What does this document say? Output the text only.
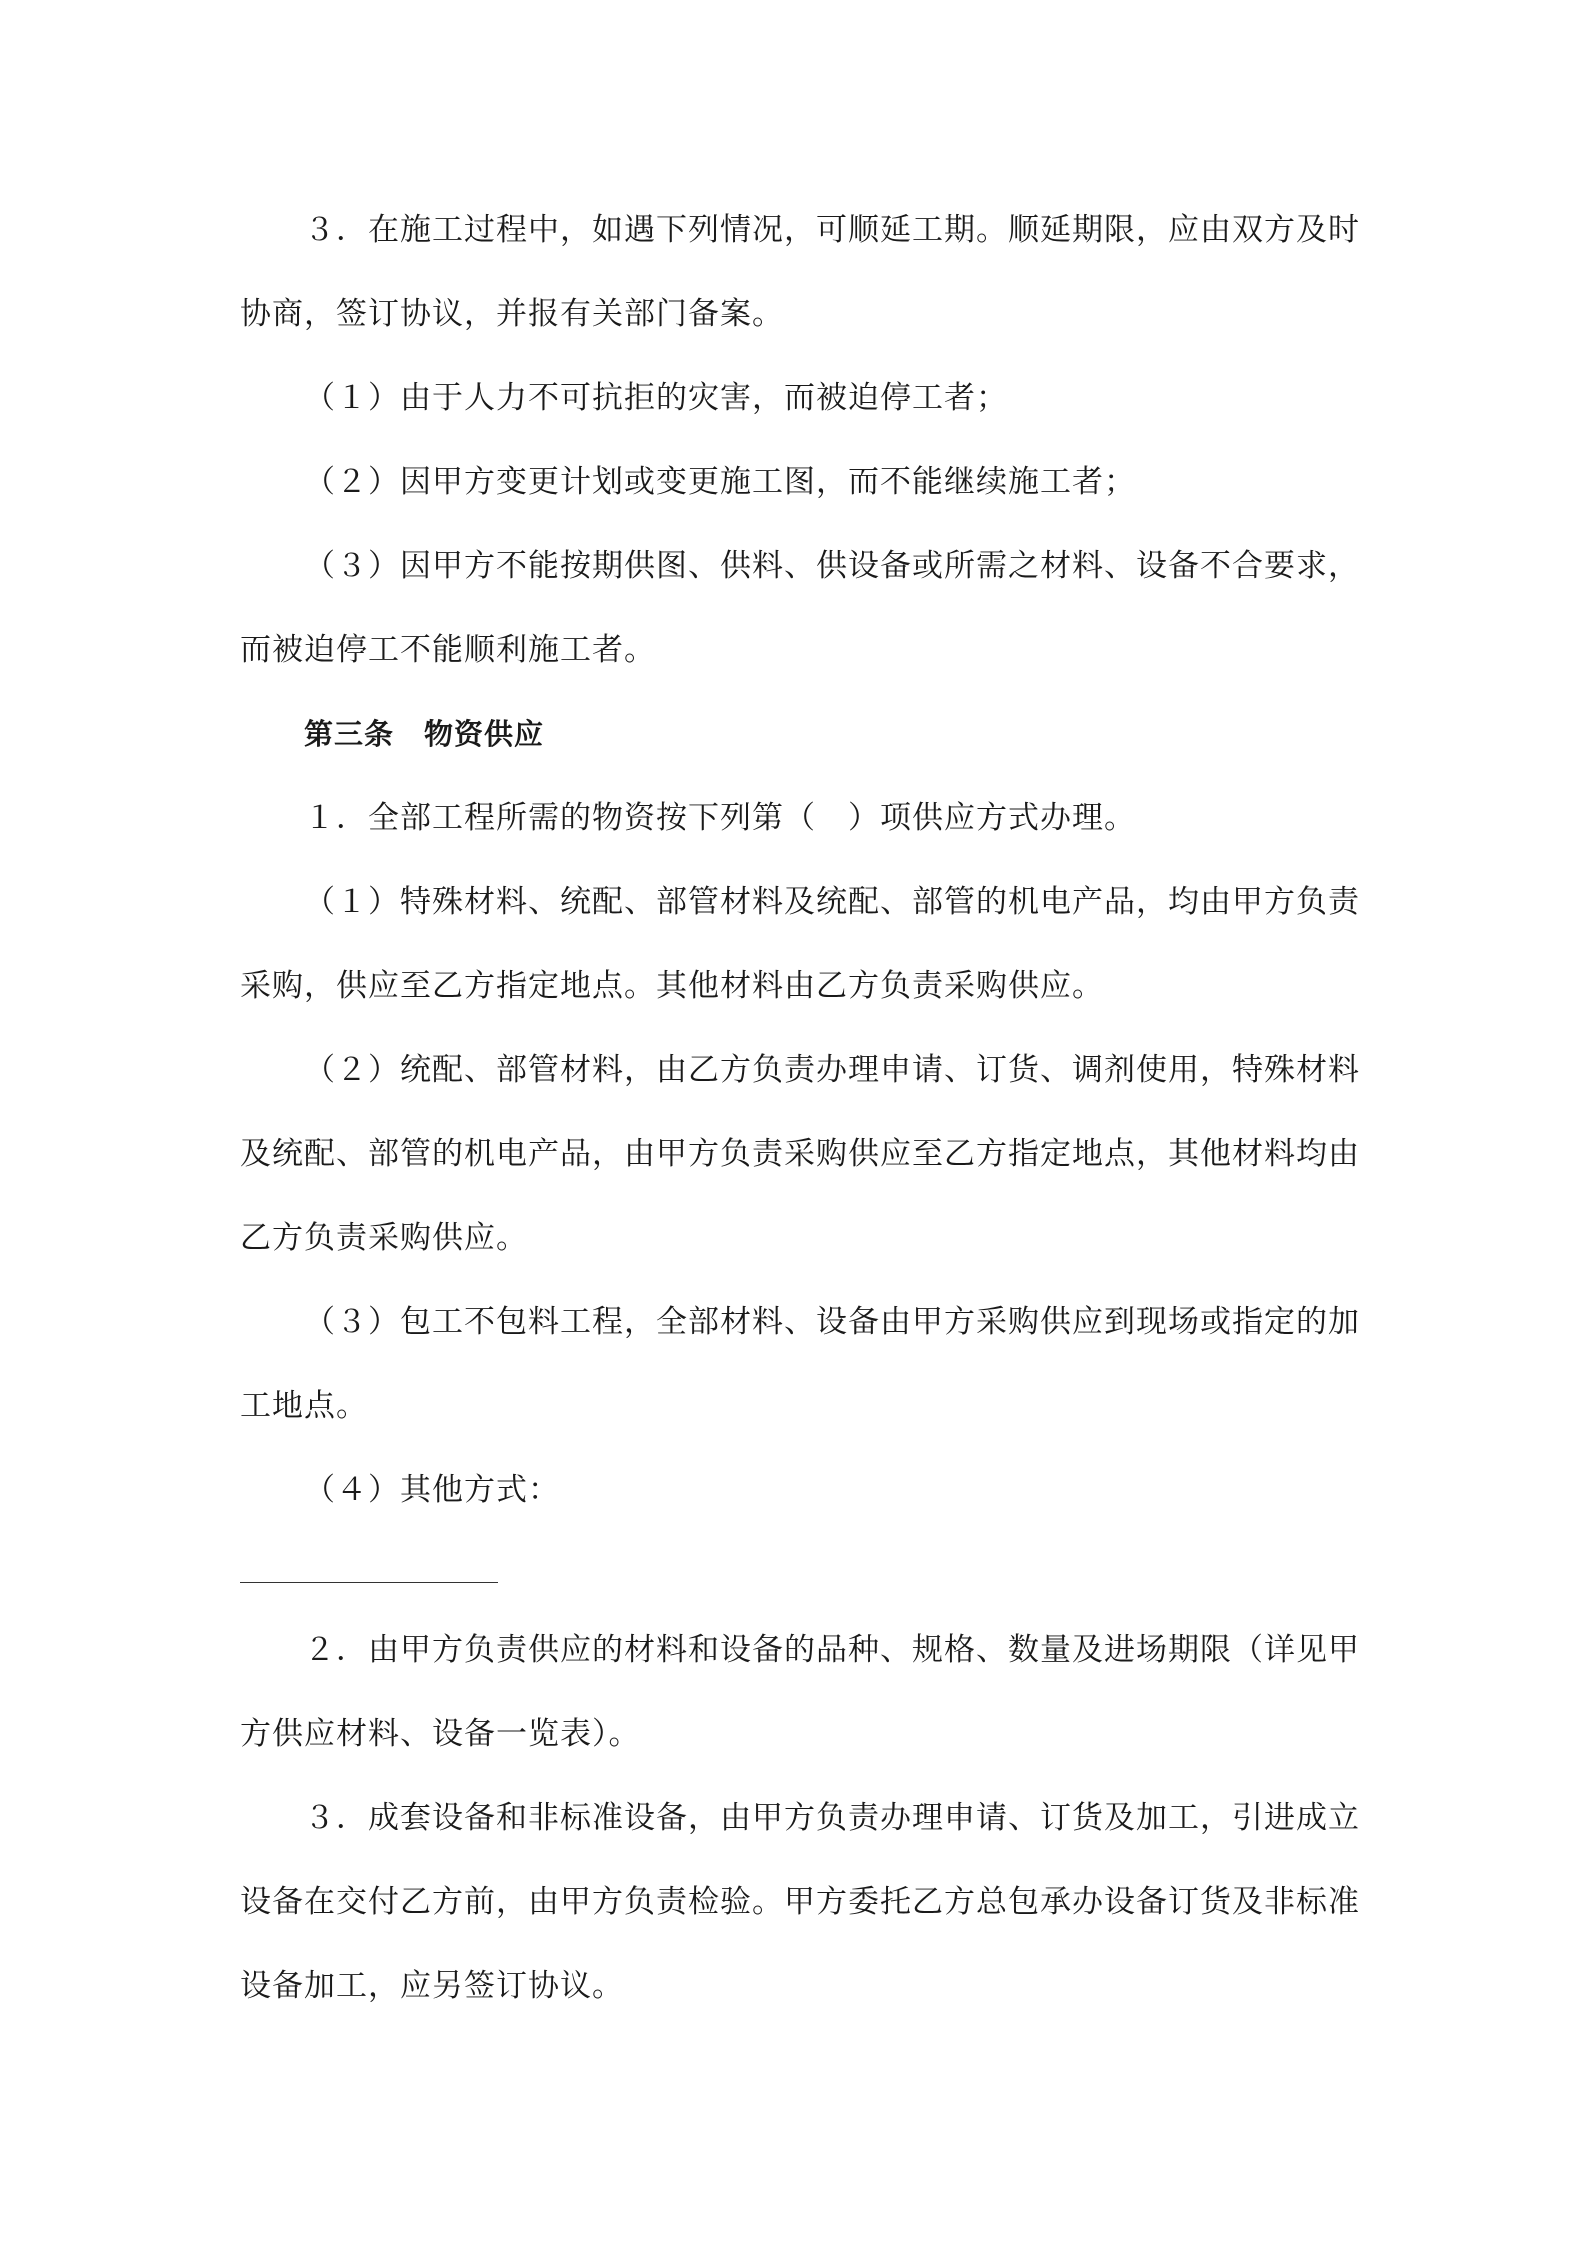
３．在施工过程中，如遇下列情况，可顺延工期。顺延期限，应由双方及时协商，签订协议，并报有关部门备案。

（１）由于人力不可抗拒的灾害，而被迫停工者；

（２）因甲方变更计划或变更施工图，而不能继续施工者；

（３）因甲方不能按期供图、供料、供设备或所需之材料、设备不合要求，而被迫停工不能顺利施工者。

第三条　物资供应

１．全部工程所需的物资按下列第（　）项供应方式办理。

（１）特殊材料、统配、部管材料及统配、部管的机电产品，均由甲方负责采购，供应至乙方指定地点。其他材料由乙方负责采购供应。

（２）统配、部管材料，由乙方负责办理申请、订货、调剂使用，特殊材料及统配、部管的机电产品，由甲方负责采购供应至乙方指定地点，其他材料均由乙方负责采购供应。

（３）包工不包料工程，全部材料、设备由甲方采购供应到现场或指定的加工地点。

（４）其他方式：

２．由甲方负责供应的材料和设备的品种、规格、数量及进场期限（详见甲方供应材料、设备一览表）。

３．成套设备和非标准设备，由甲方负责办理申请、订货及加工，引进成立设备在交付乙方前，由甲方负责检验。甲方委托乙方总包承办设备订货及非标准设备加工，应另签订协议。
